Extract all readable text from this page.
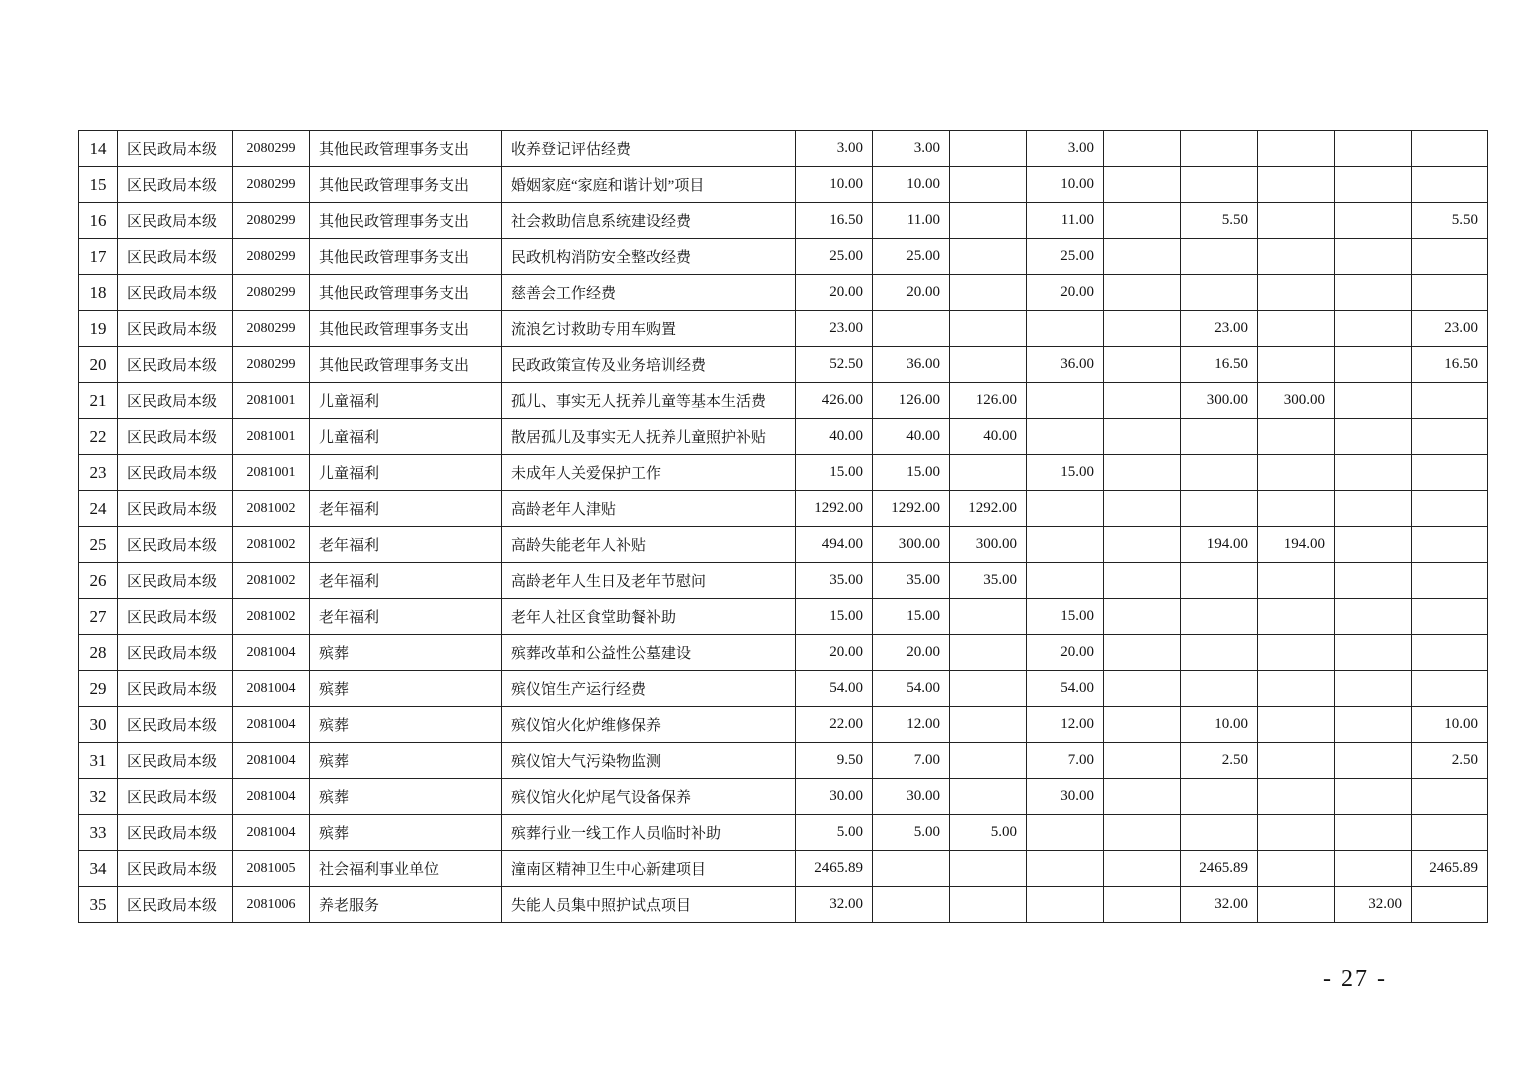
14	区民政局本级	2080299	其他民政管理事务支出	收养登记评估经费	3.00	3.00		3.00					
15	区民政局本级	2080299	其他民政管理事务支出	婚姻家庭“家庭和谐计划”项目	10.00	10.00		10.00					
16	区民政局本级	2080299	其他民政管理事务支出	社会救助信息系统建设经费	16.50	11.00		11.00		5.50			5.50
17	区民政局本级	2080299	其他民政管理事务支出	民政机构消防安全整改经费	25.00	25.00		25.00					
18	区民政局本级	2080299	其他民政管理事务支出	慈善会工作经费	20.00	20.00		20.00					
19	区民政局本级	2080299	其他民政管理事务支出	流浪乞讨救助专用车购置	23.00					23.00			23.00
20	区民政局本级	2080299	其他民政管理事务支出	民政政策宣传及业务培训经费	52.50	36.00		36.00		16.50			16.50
21	区民政局本级	2081001	儿童福利	孤儿、事实无人抚养儿童等基本生活费	426.00	126.00	126.00			300.00	300.00		
22	区民政局本级	2081001	儿童福利	散居孤儿及事实无人抚养儿童照护补贴	40.00	40.00	40.00						
23	区民政局本级	2081001	儿童福利	未成年人关爱保护工作	15.00	15.00		15.00					
24	区民政局本级	2081002	老年福利	高龄老年人津贴	1292.00	1292.00	1292.00						
25	区民政局本级	2081002	老年福利	高龄失能老年人补贴	494.00	300.00	300.00			194.00	194.00		
26	区民政局本级	2081002	老年福利	高龄老年人生日及老年节慰问	35.00	35.00	35.00						
27	区民政局本级	2081002	老年福利	老年人社区食堂助餐补助	15.00	15.00		15.00					
28	区民政局本级	2081004	殡葬	殡葬改革和公益性公墓建设	20.00	20.00		20.00					
29	区民政局本级	2081004	殡葬	殡仪馆生产运行经费	54.00	54.00		54.00					
30	区民政局本级	2081004	殡葬	殡仪馆火化炉维修保养	22.00	12.00		12.00		10.00			10.00
31	区民政局本级	2081004	殡葬	殡仪馆大气污染物监测	9.50	7.00		7.00		2.50			2.50
32	区民政局本级	2081004	殡葬	殡仪馆火化炉尾气设备保养	30.00	30.00		30.00					
33	区民政局本级	2081004	殡葬	殡葬行业一线工作人员临时补助	5.00	5.00	5.00						
34	区民政局本级	2081005	社会福利事业单位	潼南区精神卫生中心新建项目	2465.89					2465.89			2465.89
35	区民政局本级	2081006	养老服务	失能人员集中照护试点项目	32.00					32.00		32.00	
- 27 -
